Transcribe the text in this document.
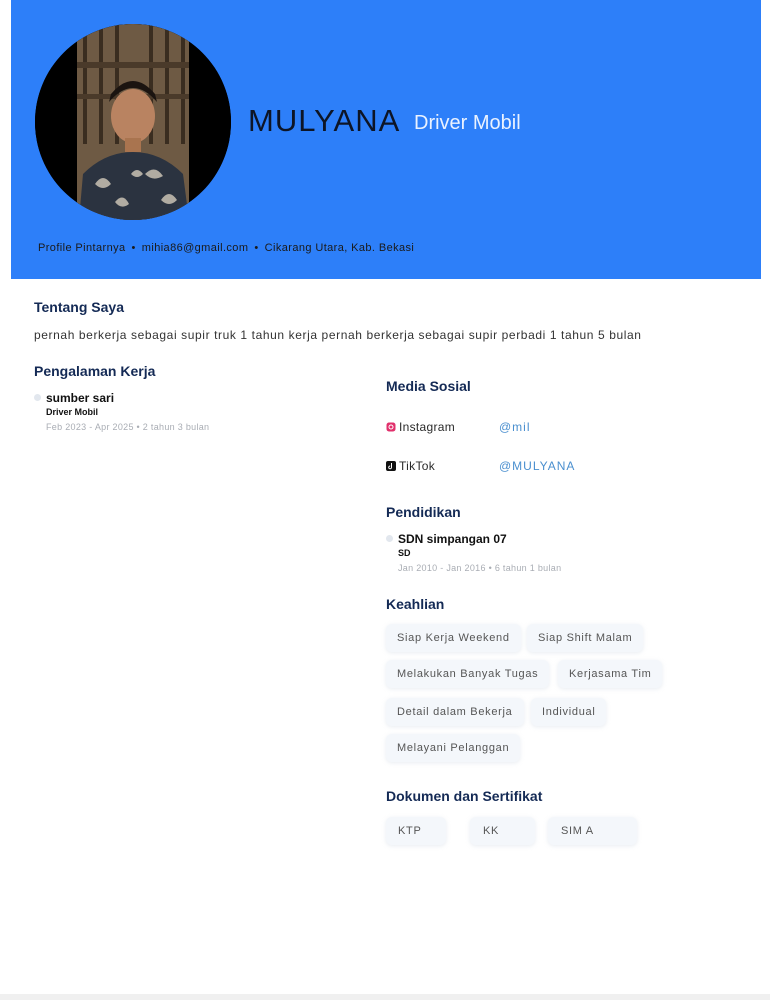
MULYANA Driver Mobil
Profile Pintarnya • mihia86@gmail.com • Cikarang Utara, Kab. Bekasi
Tentang Saya
pernah berkerja sebagai supir truk 1 tahun kerja pernah berkerja sebagai supir perbadi 1 tahun 5 bulan
Pengalaman Kerja
sumber sari
Driver Mobil
Feb 2023 - Apr 2025 • 2 tahun 3 bulan
Media Sosial
Instagram	@mil
TikTok	@MULYANA
Pendidikan
SDN simpangan 07
SD
Jan 2010 - Jan 2016 • 6 tahun 1 bulan
Keahlian
Siap Kerja Weekend	Siap Shift Malam
Melakukan Banyak Tugas	Kerjasama Tim
Detail dalam Bekerja	Individual
Melayani Pelanggan
Dokumen dan Sertifikat
KTP	KK	SIM A
